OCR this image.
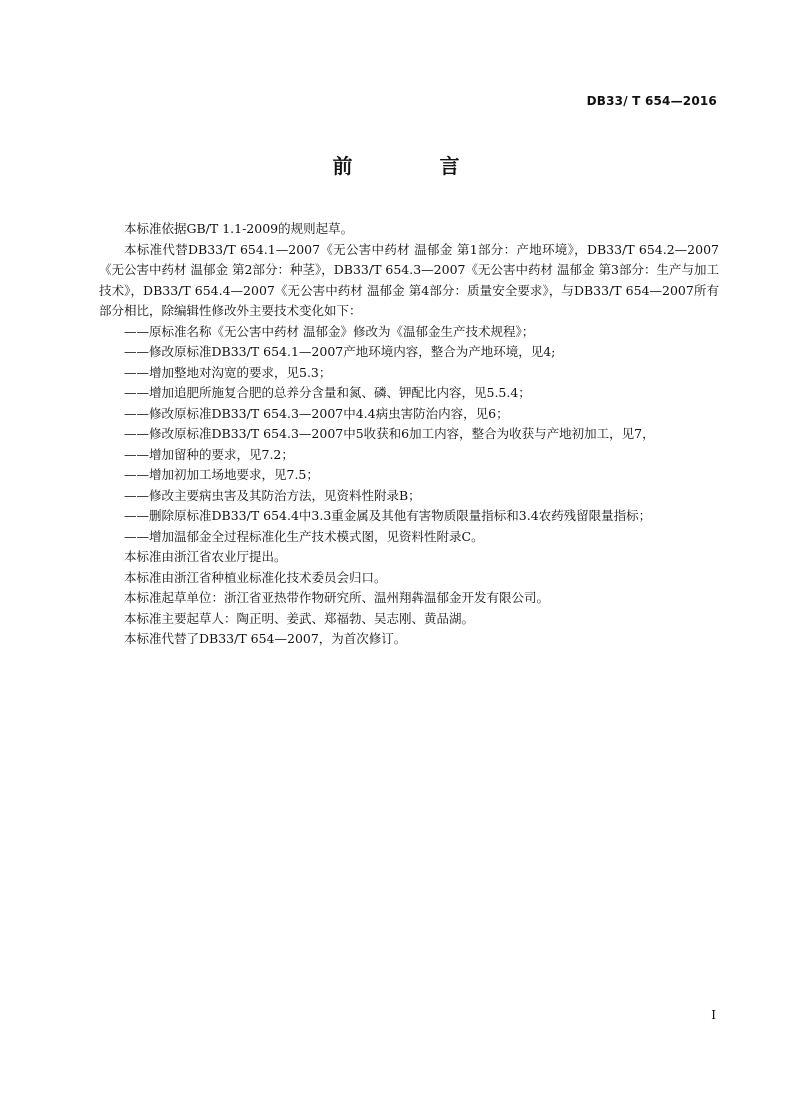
DB33/ T 654—2016
前 言

本标准依据GB/T 1.1-2009的规则起草。

本标准代替DB33/T 654.1—2007《无公害中药材 温郁金 第1部分：产地环境》，DB33/T 654.2—2007《无公害中药材 温郁金 第2部分：种茎》，DB33/T 654.3—2007《无公害中药材 温郁金 第3部分：生产与加工技术》，DB33/T 654.4—2007《无公害中药材 温郁金 第4部分：质量安全要求》，与DB33/T 654—2007所有部分相比，除编辑性修改外主要技术变化如下：

——原标准名称《无公害中药材 温郁金》修改为《温郁金生产技术规程》；

——修改原标准DB33/T 654.1—2007产地环境内容，整合为产地环境，见4;

——增加整地对沟宽的要求，见5.3；

——增加追肥所施复合肥的总养分含量和氮、磷、钾配比内容，见5.5.4；

——修改原标准DB33/T 654.3—2007中4.4病虫害防治内容，见6；

——修改原标准DB33/T 654.3—2007中5收获和6加工内容，整合为收获与产地初加工，见7，

——增加留种的要求，见7.2；

——增加初加工场地要求，见7.5；

——修改主要病虫害及其防治方法，见资料性附录B；

——删除原标准DB33/T 654.4中3.3重金属及其他有害物质限量指标和3.4农药残留限量指标；

——增加温郁金全过程标准化生产技术模式图，见资料性附录C。

本标准由浙江省农业厅提出。

本标准由浙江省种植业标准化技术委员会归口。

本标准起草单位：浙江省亚热带作物研究所、温州翔犇温郁金开发有限公司。

本标准主要起草人：陶正明、姜武、郑福勃、吴志刚、黄品湖。

本标准代替了DB33/T 654—2007，为首次修订。

I
